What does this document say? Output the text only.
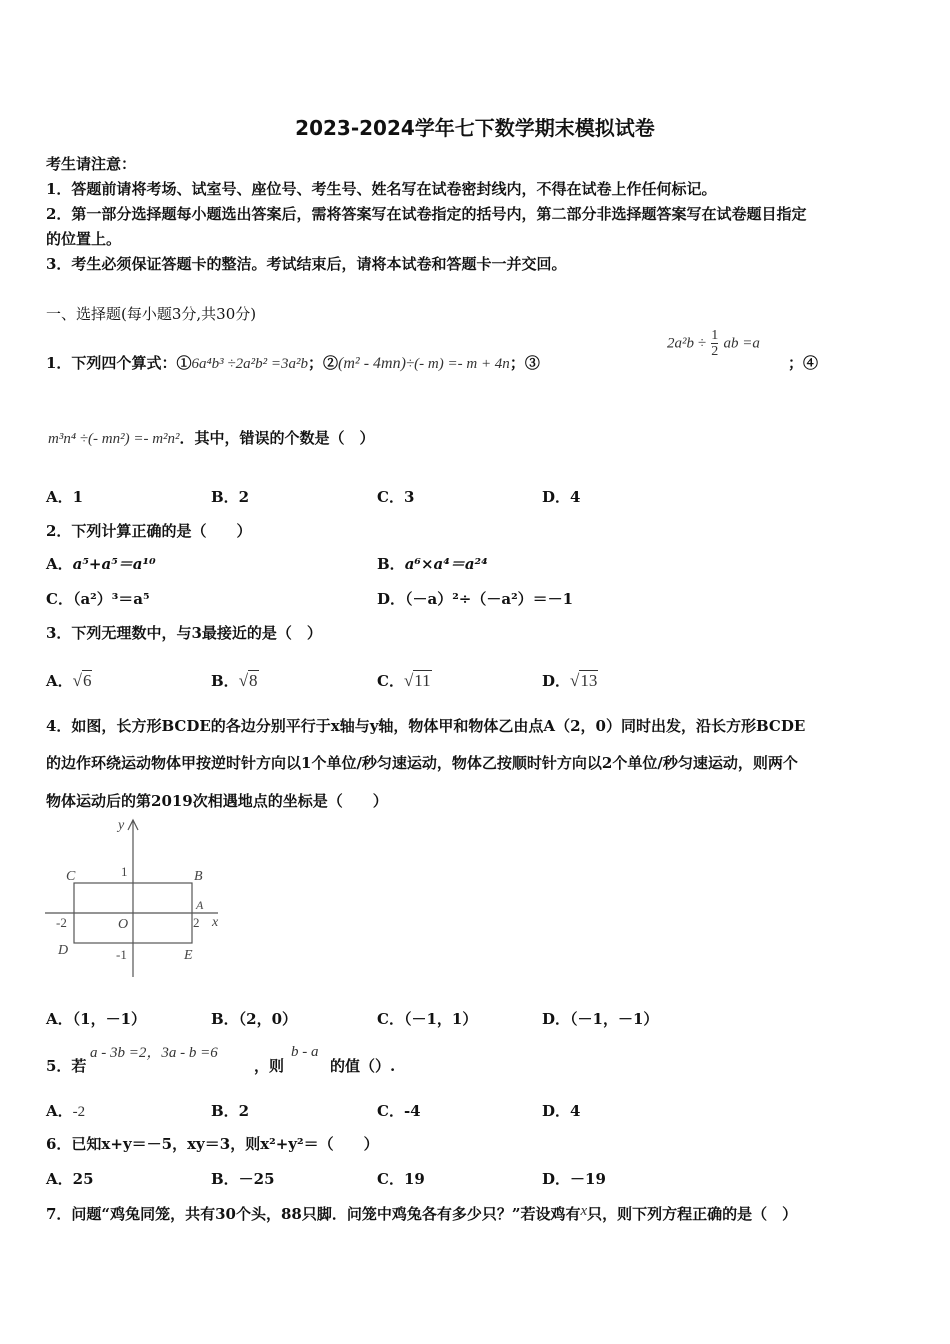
2023-2024学年七下数学期末模拟试卷
考生请注意：
1．答题前请将考场、试室号、座位号、考生号、姓名写在试卷密封线内，不得在试卷上作任何标记。
2．第一部分选择题每小题选出答案后，需将答案写在试卷指定的括号内，第二部分非选择题答案写在试卷题目指定
的位置上。
3．考生必须保证答题卡的整洁。考试结束后，请将本试卷和答题卡一并交回。
一、选择题(每小题3分,共30分)
1．下列四个算式：①6a⁴b³ ÷2a²b² =3a²b；②(m² - 4mn)÷(- m) =- m + 4n；③
$2a^2b \div \frac{1}{2}$ ab =a
；④
m³n⁴ ÷(- mn²) =- m²n²．其中，错误的个数是（　）
A．1	B．2	C．3	D．4
2．下列计算正确的是（　　）
A．a⁵+a⁵＝a¹⁰	B．a⁶×a⁴＝a²⁴
C．（a²）³＝a⁵	D．（－a）²÷（－a²）＝－1
3．下列无理数中，与3最接近的是（　）
A．√6	B．√8	C．√11	D．√13
4．如图，长方形BCDE的各边分别平行于x轴与y轴，物体甲和物体乙由点A（2，0）同时出发，沿长方形BCDE
的边作环绕运动物体甲按逆时针方向以1个单位/秒匀速运动，物体乙按顺时针方向以2个单位/秒匀速运动，则两个
物体运动后的第2019次相遇地点的坐标是（　　）
y
x
C	B
D	E
A
O
1
-1
-2	2
A．（1，－1）	B．（2，0）	C．（－1，1）	D．（－1，－1）
5．若
a - 3b =2，3a - b =6
，则
b - a
的值（）.
A．-2	B．2	C．-4	D．4
6．已知x+y＝－5，xy＝3，则x²+y²＝（　　）
A．25	B．－25	C．19	D．－19
7．问题“鸡兔同笼，共有30个头，88只脚．问笼中鸡兔各有多少只？”若设鸡有x只，则下列方程正确的是（　）
